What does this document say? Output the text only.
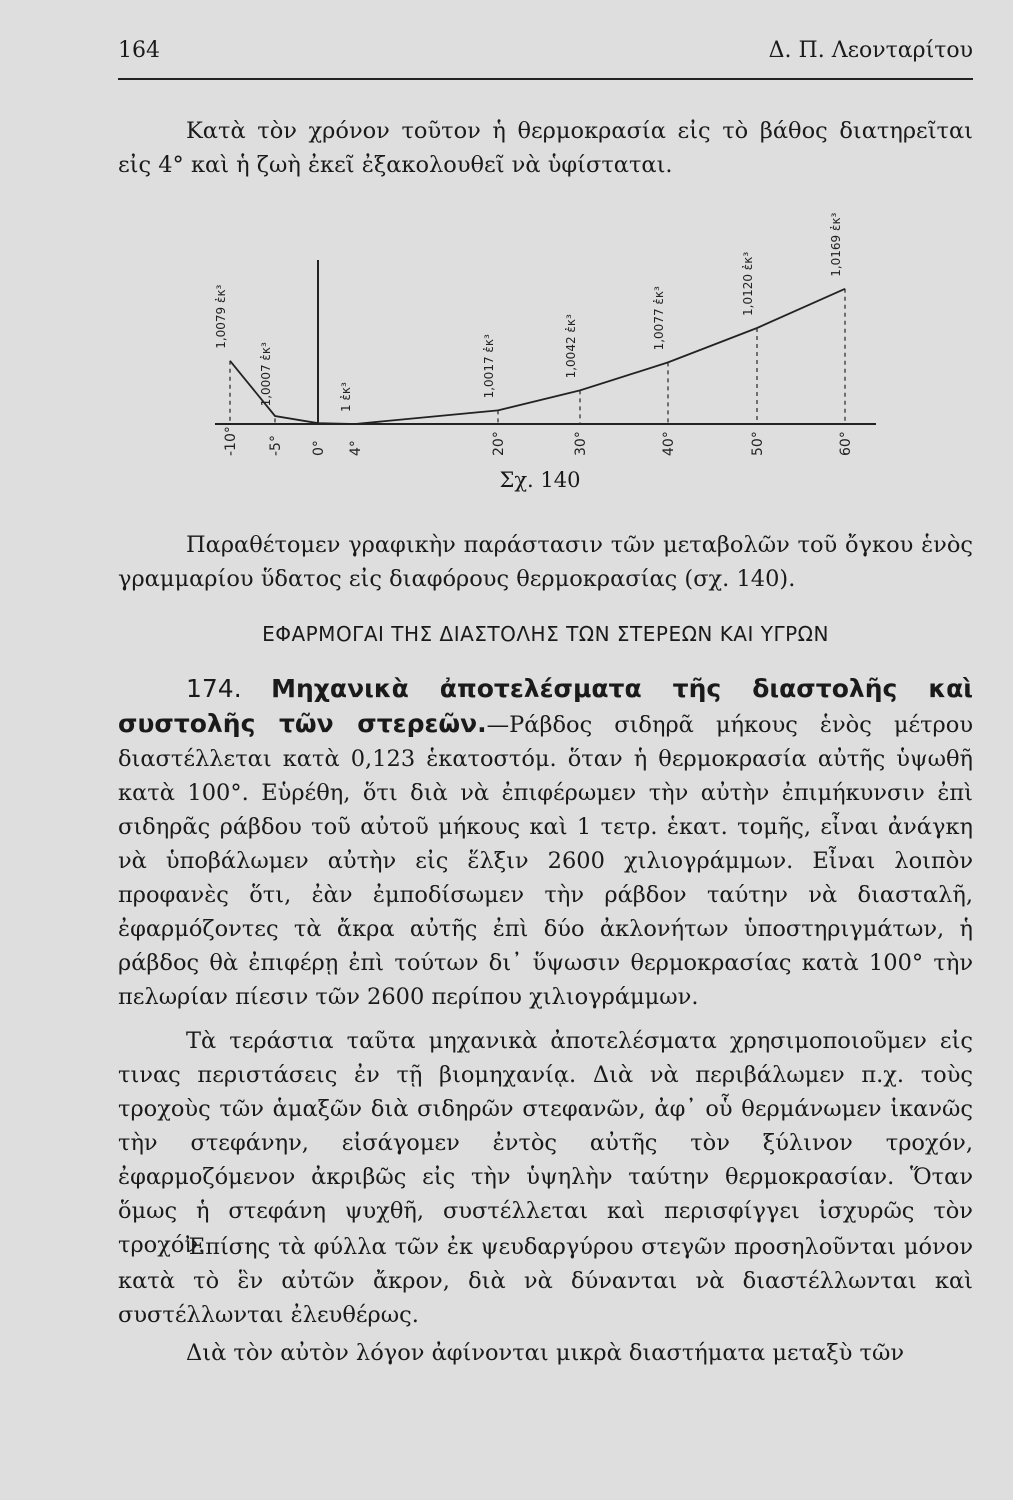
164	Δ. Π. Λεονταρίτου

Κατὰ τὸν χρόνον τοῦτον ἡ θερμοκρασία εἰς τὸ βάθος διατηρεῖται εἰς 4° καὶ ἡ ζωὴ ἐκεῖ ἐξακολουθεῖ νὰ ὑφίσταται.

-10° -5° 0° 4°	20°	30°	40°	50°	60°
1,0079 ἐκ³
1,0007 ἐκ³	1 ἐκ³	1,0017 ἐκ³	1,0042 ἐκ³	1,0077 ἐκ³
1,0120 ἐκ³
1,0169 ἐκ³
Σχ. 140

Παραθέτομεν γραφικὴν παράστασιν τῶν μεταβολῶν τοῦ ὄγκου ἑνὸς γραμμαρίου ὕδατος εἰς διαφόρους θερμοκρασίας (σχ. 140).

ΕΦΑΡΜΟΓΑΙ ΤΗΣ ΔΙΑΣΤΟΛΗΣ ΤΩΝ ΣΤΕΡΕΩΝ ΚΑΙ ΥΓΡΩΝ

174. Μηχανικὰ ἀποτελέσματα τῆς διαστολῆς καὶ συστολῆς τῶν στερεῶν.—Ράβδος σιδηρᾶ μήκους ἑνὸς μέτρου διαστέλλεται κατὰ 0,123 ἑκατοστόμ. ὅταν ἡ θερμοκρασία αὐτῆς ὑψωθῆ κατὰ 100°. Εὑρέθη, ὅτι διὰ νὰ ἐπιφέρωμεν τὴν αὐτὴν ἐπιμήκυνσιν ἐπὶ σιδηρᾶς ράβδου τοῦ αὐτοῦ μήκους καὶ 1 τετρ. ἑκατ. τομῆς, εἶναι ἀνάγκη νὰ ὑποβάλωμεν αὐτὴν εἰς ἕλξιν 2600 χιλιογράμμων. Εἶναι λοιπὸν προφανὲς ὅτι, ἐὰν ἐμποδίσωμεν τὴν ράβδον ταύτην νὰ διασταλῆ, ἐφαρμόζοντες τὰ ἄκρα αὐτῆς ἐπὶ δύο ἀκλονήτων ὑποστηριγμάτων, ἡ ράβδος θὰ ἐπιφέρῃ ἐπὶ τούτων δι᾽ ὕψωσιν θερμοκρασίας κατὰ 100° τὴν πελωρίαν πίεσιν τῶν 2600 περίπου χιλιογράμμων.

Τὰ τεράστια ταῦτα μηχανικὰ ἀποτελέσματα χρησιμοποιοῦμεν εἰς τινας περιστάσεις ἐν τῇ βιομηχανίᾳ. Διὰ νὰ περιβάλωμεν π.χ. τοὺς τροχοὺς τῶν ἁμαξῶν διὰ σιδηρῶν στεφανῶν, ἀφ᾽ οὗ θερμάνωμεν ἱκανῶς τὴν στεφάνην, εἰσάγομεν ἐντὸς αὐτῆς τὸν ξύλινον τροχόν, ἐφαρμοζόμενον ἀκριβῶς εἰς τὴν ὑψηλὴν ταύτην θερμοκρασίαν. Ὅταν ὅμως ἡ στεφάνη ψυχθῆ, συστέλλεται καὶ περισφίγγει ἰσχυρῶς τὸν τροχόν.

Ἐπίσης τὰ φύλλα τῶν ἐκ ψευδαργύρου στεγῶν προσηλοῦνται μόνον κατὰ τὸ ἓν αὐτῶν ἄκρον, διὰ νὰ δύνανται νὰ διαστέλλωνται καὶ συστέλλωνται ἐλευθέρως.

Διὰ τὸν αὐτὸν λόγον ἀφίνονται μικρὰ διαστήματα μεταξὺ τῶν
